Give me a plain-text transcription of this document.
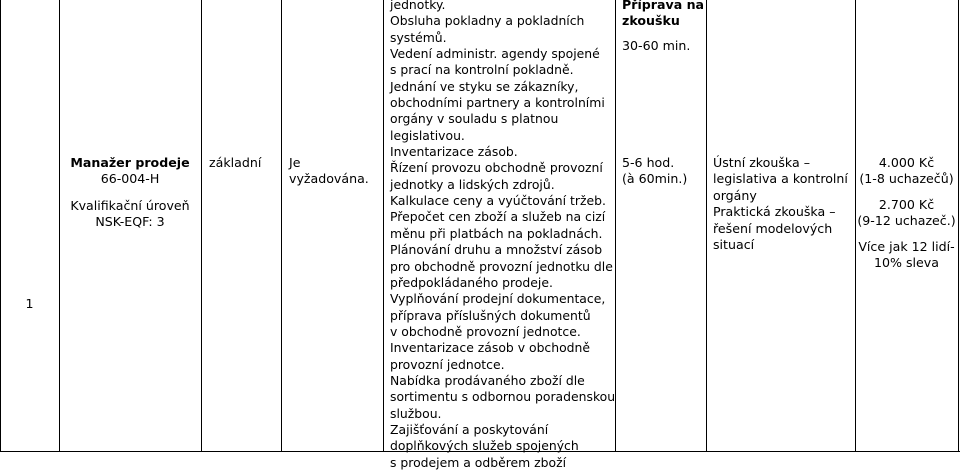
1
Manažer prodeje
66-004-H
Kvalifikační úroveň
NSK-EQF: 3
základní Je
vyžadována.
jednotky.
Obsluha pokladny a pokladních
systémů.
Vedení administr. agendy spojené
s prací na kontrolní pokladně.
Jednání ve styku se zákazníky,
obchodními partnery a kontrolními
orgány v souladu s platnou
legislativou.
Inventarizace zásob.
Řízení provozu obchodně provozní
jednotky a lidských zdrojů.
Kalkulace ceny a vyúčtování tržeb.
Přepočet cen zboží a služeb na cizí
měnu při platbách na pokladnách.
Plánování druhu a množství zásob
pro obchodně provozní jednotku dle
předpokládaného prodeje.
Vyplňování prodejní dokumentace,
příprava příslušných dokumentů
v obchodně provozní jednotce.
Inventarizace zásob v obchodně
provozní jednotce.
Nabídka prodávaného zboží dle
sortimentu s odbornou poradenskou
službou.
Zajišťování a poskytování
doplňkových služeb spojených
s prodejem a odběrem zboží
Příprava na
zkoušku
30-60 min.
5-6 hod.
(à 60min.)
Ústní zkouška –
legislativa a kontrolní
orgány
Praktická zkouška –
řešení modelových
situací
4.000 Kč
(1-8 uchazečů)
2.700 Kč
(9-12 uchazeč.)
Více jak 12 lidí-
10% sleva
